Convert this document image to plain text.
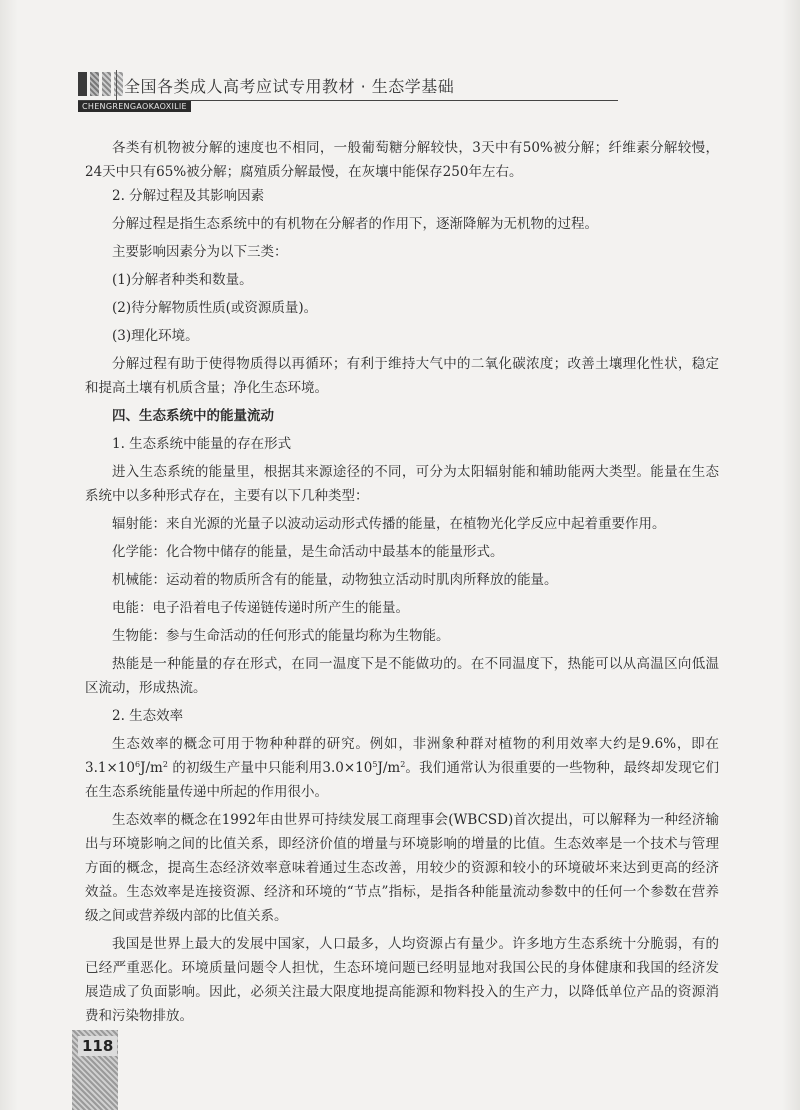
全国各类成人高考应试专用教材 · 生态学基础
CHENGRENGAOKAOXILIE

各类有机物被分解的速度也不相同，一般葡萄糖分解较快，3天中有50%被分解；纤维素分解较慢，24天中只有65%被分解；腐殖质分解最慢，在灰壤中能保存250年左右。

2. 分解过程及其影响因素

分解过程是指生态系统中的有机物在分解者的作用下，逐渐降解为无机物的过程。

主要影响因素分为以下三类：

(1)分解者种类和数量。

(2)待分解物质性质(或资源质量)。

(3)理化环境。

分解过程有助于使得物质得以再循环；有利于维持大气中的二氧化碳浓度；改善土壤理化性状，稳定和提高土壤有机质含量；净化生态环境。

四、生态系统中的能量流动

1. 生态系统中能量的存在形式

进入生态系统的能量里，根据其来源途径的不同，可分为太阳辐射能和辅助能两大类型。能量在生态系统中以多种形式存在，主要有以下几种类型：

辐射能：来自光源的光量子以波动运动形式传播的能量，在植物光化学反应中起着重要作用。

化学能：化合物中储存的能量，是生命活动中最基本的能量形式。

机械能：运动着的物质所含有的能量，动物独立活动时肌肉所释放的能量。

电能：电子沿着电子传递链传递时所产生的能量。

生物能：参与生命活动的任何形式的能量均称为生物能。

热能是一种能量的存在形式，在同一温度下是不能做功的。在不同温度下，热能可以从高温区向低温区流动，形成热流。

2. 生态效率

生态效率的概念可用于物种种群的研究。例如，非洲象种群对植物的利用效率大约是9.6%，即在$3.1\times 10^6J/m^2$ 的初级生产量中只能利用$3.0\times 10^5J/m^2$。我们通常认为很重要的一些物种，最终却发现它们在生态系统能量传递中所起的作用很小。

生态效率的概念在1992年由世界可持续发展工商理事会(WBCSD)首次提出，可以解释为一种经济输出与环境影响之间的比值关系，即经济价值的增量与环境影响的增量的比值。生态效率是一个技术与管理方面的概念，提高生态经济效率意味着通过生态改善，用较少的资源和较小的环境破坏来达到更高的经济效益。生态效率是连接资源、经济和环境的“节点”指标，是指各种能量流动参数中的任何一个参数在营养级之间或营养级内部的比值关系。

我国是世界上最大的发展中国家，人口最多，人均资源占有量少。许多地方生态系统十分脆弱，有的已经严重恶化。环境质量问题令人担忧，生态环境问题已经明显地对我国公民的身体健康和我国的经济发展造成了负面影响。因此，必须关注最大限度地提高能源和物料投入的生产力，以降低单位产品的资源消费和污染物排放。

118
